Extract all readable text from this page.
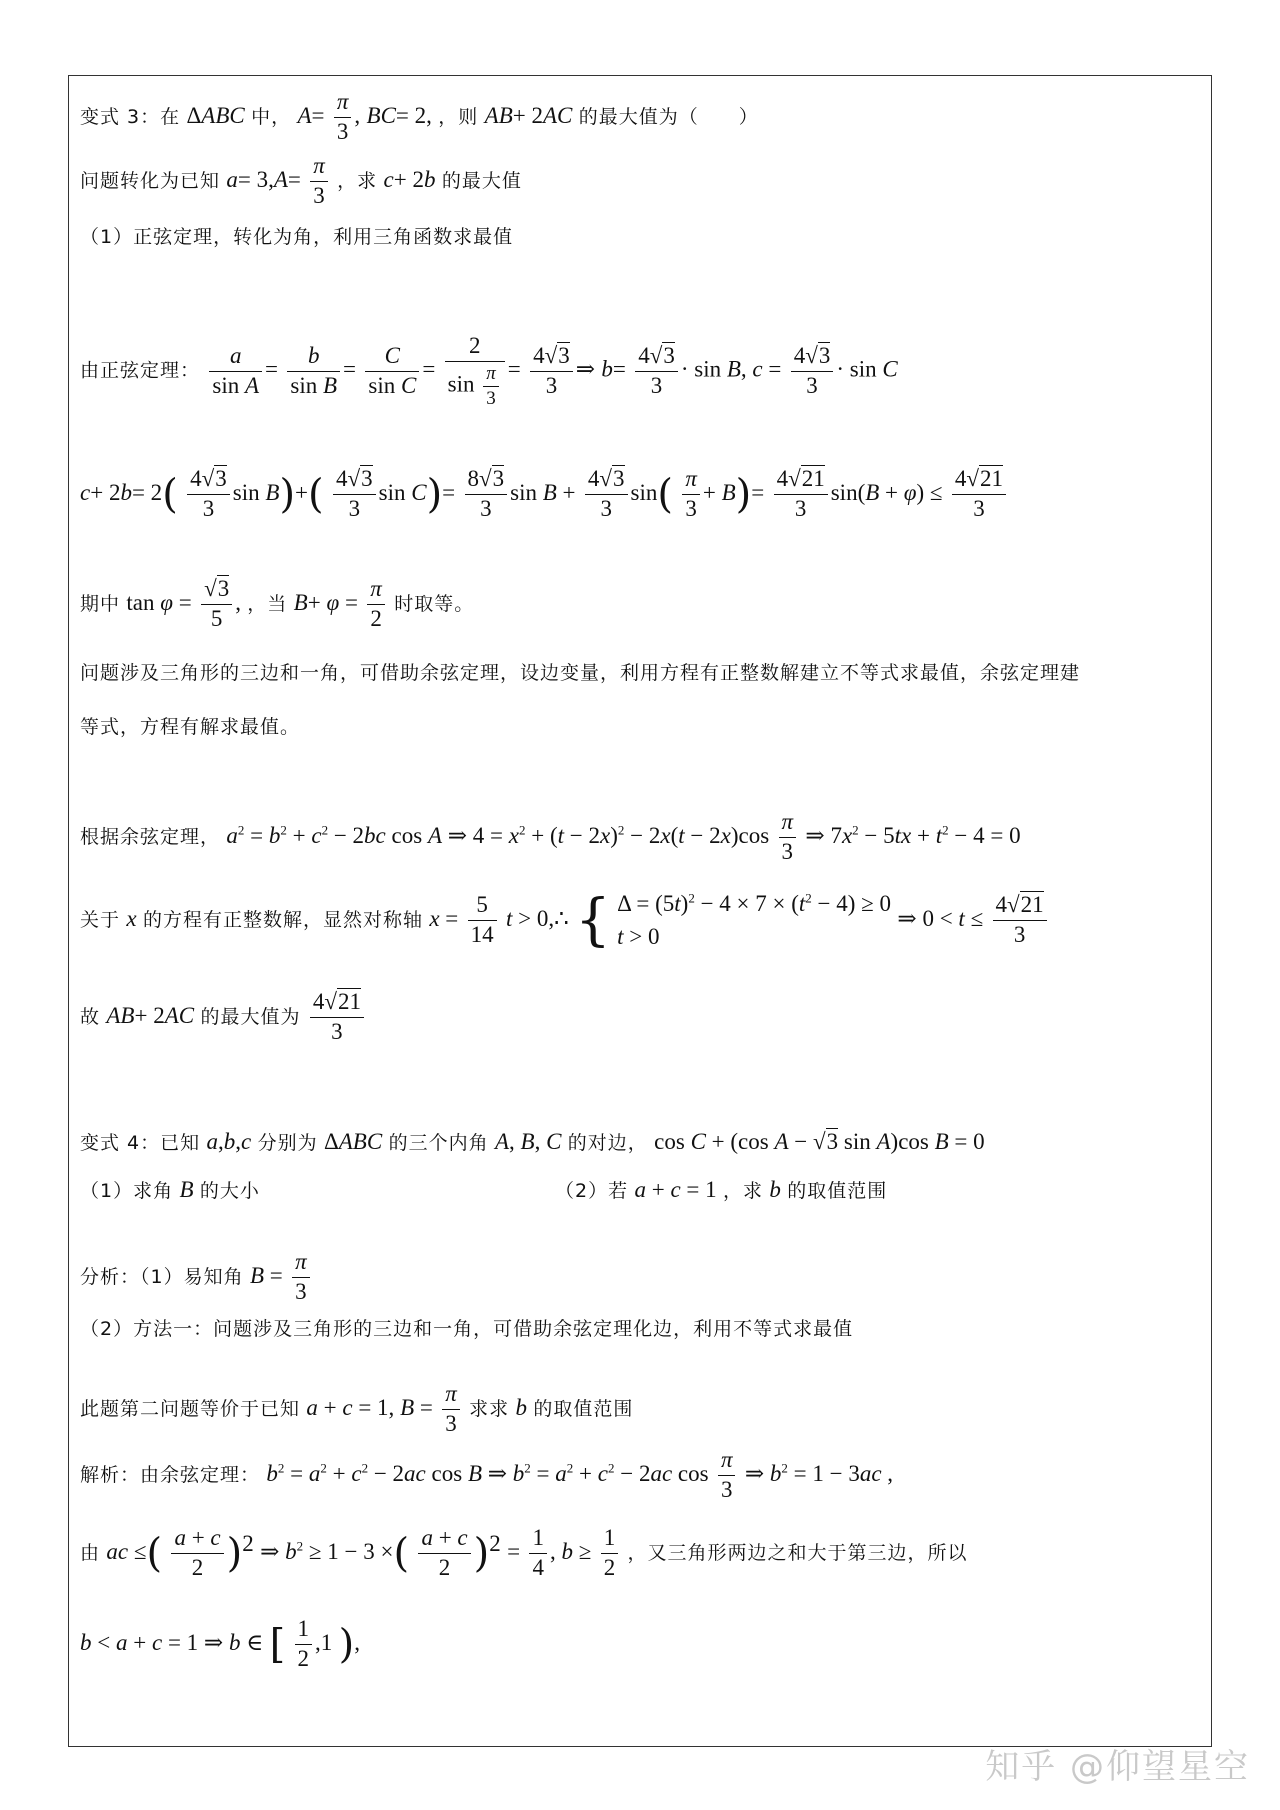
变式 3：在 ΔABC 中， $A= \frac{\pi}{3}$ , BC= 2, ，则 AB+ 2AC 的最大值为（　　）
问题转化为已知 $a= 3,A= \frac{\pi}{3}$ ，求 c+ 2b 的最大值
（1）正弦定理，转化为角，利用三角函数求最值
由正弦定理： $\frac{a}{\text{sin A}} = \frac{b}{\text{sin B}} = \frac{C}{\text{sin C}} = \frac{2}{\sin \frac{\pi}{3}} = \frac{4√3}{3}$ ⇒ $b= \frac{4√3}{3} \cdot \sin B$, $c = \frac{4√3}{3} \cdot \sin C$
$c+ 2b= 2( \frac{4√3}{3}$ $\sin B)+( \frac{4√3}{3}$ $\sin C)= \frac{8√3}{3}$ $\sin B + \frac{4√3}{3} \sin( \frac{\pi}{3} + B)= \frac{4√21}{3} \sin(B + \varphi) \le \frac{4√21}{3}$
期中 $\tan \varphi = \frac{√3}{5}$ , ，当 $B+ \varphi = \frac{\pi}{2}$ 时取等。
问题涉及三角形的三边和一角，可借助余弦定理，设边变量，利用方程有正整数解建立不等式求最值，余弦定理建
等式，方程有解求最值。
根据余弦定理， $a^2 = b^2 + c^2 - 2bc$ cos A ⇒ $4 = x^2 + (t - 2x)^2 - 2x(t - 2x)\cos \frac{\pi}{3}$ ⇒ $7x^2 - 5tx + t^2 - 4 = 0$
关于 x 的方程有正整数解，显然对称轴 $x = \frac{5}{14}$ t > 0,∴ { $\Delta = (5t)^2 - 4 \times 7 \times (t^2 - 4) \ge 0$
t > 0
⇒ $0 < t \le \frac{4√21}{3}$
故 AB+ 2AC 的最大值为 $\frac{4√21}{3}$
变式 4：已知 a,b,c 分别为 ΔABC 的三个内角 A, B, C 的对边， cos C + (cos A − √3 sin A)cos B = 0
（1）求角 B 的大小	（2）若 a + c = 1 ，求 b 的取值范围
分析：（1）易知角 $B = \frac{\pi}{3}$
（2）方法一：问题涉及三角形的三边和一角，可借助余弦定理化边，利用不等式求最值
此题第二问题等价于已知 a + c = 1, $B = \frac{\pi}{3}$ 求求 b 的取值范围
解析：由余弦定理： $b^2 = a^2 + c^2 - 2ac$ cos B ⇒ $b^2 = a^2 + c^2 - 2ac$ $\cos \frac{\pi}{3}$ ⇒ $b^2 = 1 - 3ac$ ,
由 ac ≤( $\frac{a + c}{2} )^2$ ⇒ $b^2 \ge 1 - 3$ ×( $\frac{a + c}{2} )^2 = \frac{1}{4}$ , $b \ge \frac{1}{2}$ ，又三角形两边之和大于第三边，所以
b < a + c = 1 ⇒ b ∈ [ $\frac{1}{2} ,1$ ),
知乎 @仰望星空
